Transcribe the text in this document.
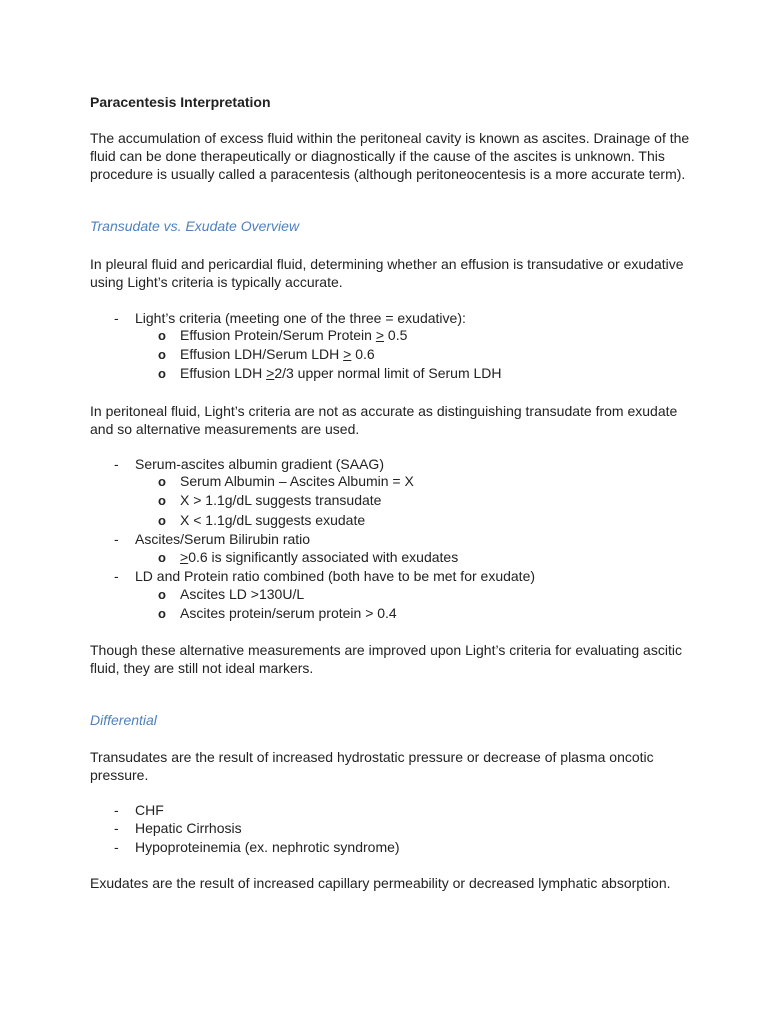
Paracentesis Interpretation

The accumulation of excess fluid within the peritoneal cavity is known as ascites. Drainage of the fluid can be done therapeutically or diagnostically if the cause of the ascites is unknown. This procedure is usually called a paracentesis (although peritoneocentesis is a more accurate term).

Transudate vs. Exudate Overview

In pleural fluid and pericardial fluid, determining whether an effusion is transudative or exudative using Light’s criteria is typically accurate.

- Light’s criteria (meeting one of the three = exudative):
o Effusion Protein/Serum Protein > 0.5
o Effusion LDH/Serum LDH > 0.6
o Effusion LDH >2/3 upper normal limit of Serum LDH

In peritoneal fluid, Light’s criteria are not as accurate as distinguishing transudate from exudate and so alternative measurements are used.

- Serum-ascites albumin gradient (SAAG)
o Serum Albumin – Ascites Albumin = X
o X > 1.1g/dL suggests transudate
o X < 1.1g/dL suggests exudate
- Ascites/Serum Bilirubin ratio
o >0.6 is significantly associated with exudates
- LD and Protein ratio combined (both have to be met for exudate)
o Ascites LD >130U/L
o Ascites protein/serum protein > 0.4

Though these alternative measurements are improved upon Light’s criteria for evaluating ascitic fluid, they are still not ideal markers.

Differential

Transudates are the result of increased hydrostatic pressure or decrease of plasma oncotic pressure.

- CHF
- Hepatic Cirrhosis
- Hypoproteinemia (ex. nephrotic syndrome)

Exudates are the result of increased capillary permeability or decreased lymphatic absorption.
